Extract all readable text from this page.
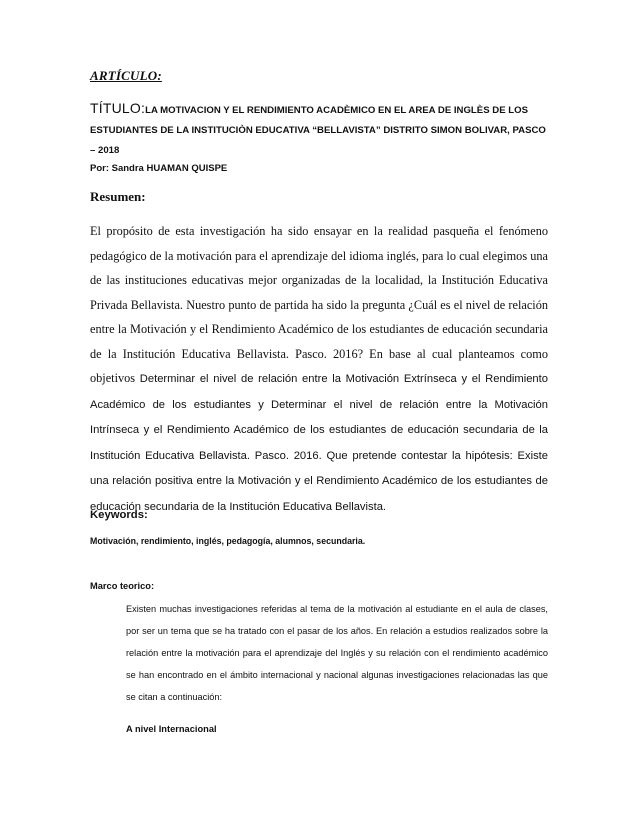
ARTÍCULO:

TÍTULO:LA MOTIVACION Y EL RENDIMIENTO ACADÈMICO EN EL AREA DE INGLÈS DE LOS ESTUDIANTES DE LA INSTITUCIÒN EDUCATIVA “BELLAVISTA” DISTRITO SIMON BOLIVAR, PASCO – 2018

Por: Sandra HUAMAN QUISPE

Resumen:

El propósito de esta investigación ha sido ensayar en la realidad pasqueña el fenómeno pedagógico de la motivación para el aprendizaje del idioma inglés, para lo cual elegimos una de las instituciones educativas mejor organizadas de la localidad, la Institución Educativa Privada Bellavista. Nuestro punto de partida ha sido la pregunta ¿Cuál es el nivel de relación entre la Motivación y el Rendimiento Académico de los estudiantes de educación secundaria de la Institución Educativa Bellavista. Pasco. 2016? En base al cual planteamos como objetivos Determinar el nivel de relación entre la Motivación Extrínseca y el Rendimiento Académico de los estudiantes y Determinar el nivel de relación entre la Motivación Intrínseca y el Rendimiento Académico de los estudiantes de educación secundaria de la Institución Educativa Bellavista. Pasco. 2016. Que pretende contestar la hipótesis: Existe una relación positiva entre la Motivación y el Rendimiento Académico de los estudiantes de educación secundaria de la Institución Educativa Bellavista.

Keywords:

Motivación, rendimiento, inglés, pedagogía, alumnos, secundaria.

Marco teorico:

Existen muchas investigaciones referidas al tema de la motivación al estudiante en el aula de clases, por ser un tema que se ha tratado con el pasar de los años. En relación a estudios realizados sobre la relación entre la motivación para el aprendizaje del Inglés y su relación con el rendimiento académico se han encontrado en el ámbito internacional y nacional algunas investigaciones relacionadas las que se citan a continuación:

A nivel Internacional
